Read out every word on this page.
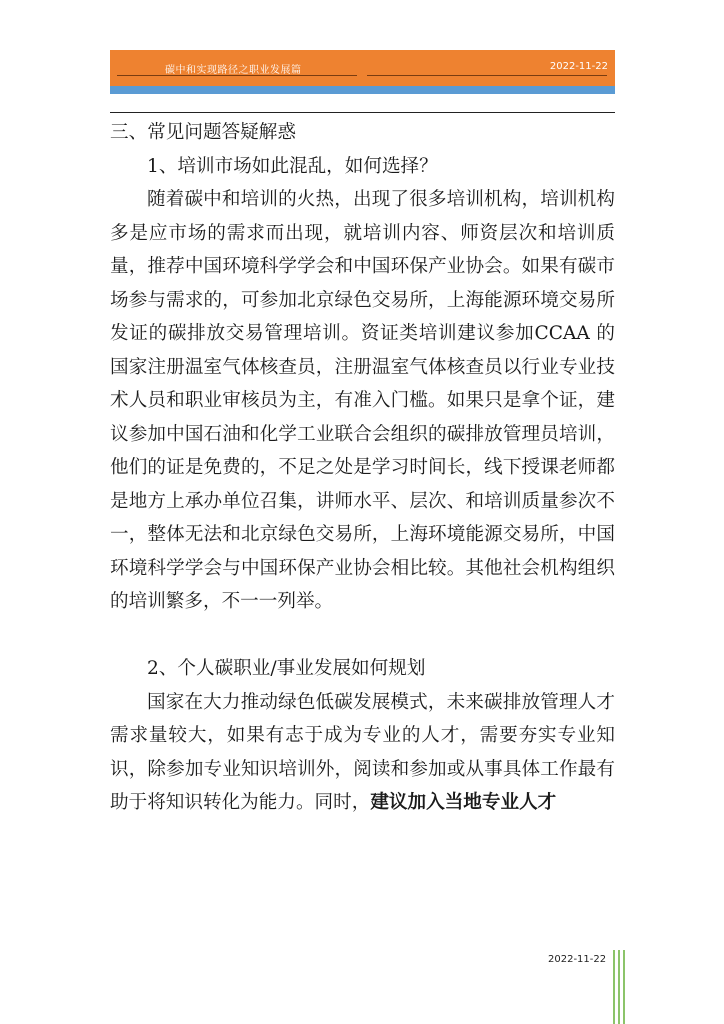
碳中和实现路径之职业发展篇	2022-11-22

三、常见问题答疑解惑

1、培训市场如此混乱，如何选择？

随着碳中和培训的火热，出现了很多培训机构，培训机构多是应市场的需求而出现，就培训内容、师资层次和培训质量，推荐中国环境科学学会和中国环保产业协会。如果有碳市场参与需求的，可参加北京绿色交易所，上海能源环境交易所发证的碳排放交易管理培训。资证类培训建议参加CCAA 的国家注册温室气体核查员，注册温室气体核查员以行业专业技术人员和职业审核员为主，有准入门槛。如果只是拿个证，建议参加中国石油和化学工业联合会组织的碳排放管理员培训，他们的证是免费的，不足之处是学习时间长，线下授课老师都是地方上承办单位召集，讲师水平、层次、和培训质量参次不一，整体无法和北京绿色交易所，上海环境能源交易所，中国环境科学学会与中国环保产业协会相比较。其他社会机构组织的培训繁多，不一一列举。

2、个人碳职业/事业发展如何规划

国家在大力推动绿色低碳发展模式，未来碳排放管理人才需求量较大，如果有志于成为专业的人才，需要夯实专业知识，除参加专业知识培训外，阅读和参加或从事具体工作最有助于将知识转化为能力。同时，建议加入当地专业人才

2022-11-22
